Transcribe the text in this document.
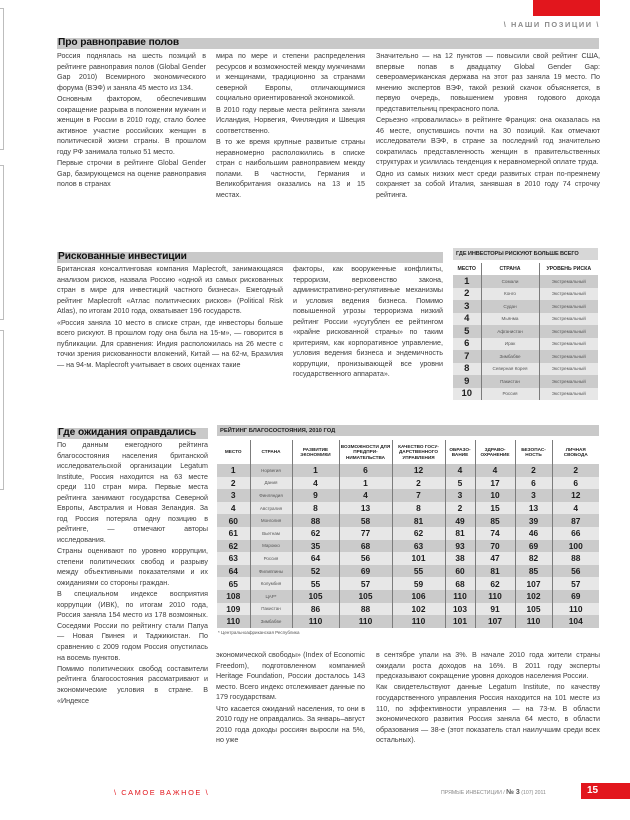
\ НАШИ ПОЗИЦИИ \
Про равноправие полов

Россия поднялась на шесть позиций в рейтинге равноправия полов (Global Gender Gap 2010) Всемирного экономического форума (ВЭФ) и заняла 45 место из 134.

Основным фактором, обеспечившим сокращение разрыва в положении мужчин и женщин в России в 2010 году, стало более активное участие российских женщин в политической жизни страны. В прошлом году РФ занимала только 51 место.

Первые строчки в рейтинге Global Gender Gap, базирующемся на оценке равноправия полов в странах

мира по мере и степени распределения ресурсов и возможностей между мужчинами и женщинами, традиционно за странами северной Европы, отличающимися социально ориентированной экономикой.

В 2010 году первые места рейтинга заняли Исландия, Норвегия, Финляндия и Швеция соответственно.

В то же время крупные развитые страны неравномерно расположились в списке стран с наибольшим равноправием между полами. В частности, Германия и Великобритания оказались на 13 и 15 местах.

Значительно — на 12 пунктов — повысили свой рейтинг США, впервые попав в двадцатку Global Gender Gap: североамериканская держава на этот раз заняла 19 место. По мнению экспертов ВЭФ, такой резкий скачок объясняется, в первую очередь, повышением уровня годового дохода представительниц прекрасного пола.

Серьезно «провалилась» в рейтинге Франция: она оказалась на 46 месте, опустившись почти на 30 позиций. Как отмечают исследователи ВЭФ, в стране за последний год значительно сократилась представленность женщин в правительственных структурах и усилилась тенденция к неравномерной оплате труда.

Одно из самых низких мест среди развитых стран по-прежнему сохраняет за собой Италия, занявшая в 2010 году 74 строчку рейтинга.

Рискованные инвестиции

Британская консалтинговая компания Maplecroft, занимающаяся анализом рисков, назвала Россию «одной из самых рискованных стран в мире для инвестиций частного бизнеса». Ежегодный рейтинг Maplecroft «Атлас политических рисков» (Political Risk Atlas), по итогам 2010 года, охватывает 196 государств.

«Россия заняла 10 место в списке стран, где инвесторы больше всего рискуют. В прошлом году она была на 15-м», — говорится в публикации. Для сравнения: Индия расположилась на 26 месте с точки зрения рискованности вложений, Китай — на 62-м, Бразилия — на 94-м. Maplecroft учитывает в своих оценках такие

факторы, как вооруженные конфликты, терроризм, верховенство закона, административно-регулятивные механизмы и условия ведения бизнеса. Помимо повышенной угрозы терроризма низкий рейтинг России «усугублен ее рейтингом «крайне рискованной страны» по таким критериям, как корпоративное управление, условия ведения бизнеса и эндемичность коррупции, пронизывающей все уровни государственного аппарата».

ГДЕ ИНВЕСТОРЫ РИСКУЮТ БОЛЬШЕ ВСЕГО
МЕСТО	СТРАНА	УРОВЕНЬ РИСКА
1	Сомали	Экстремальный
2	Конго	Экстремальный
3	Судан	Экстремальный
4	Мьянма	Экстремальный
5	Афганистан	Экстремальный
6	Ирак	Экстремальный
7	Зимбабве	Экстремальный
8	Северная Корея	Экстремальный
9	Пакистан	Экстремальный
10	Россия	Экстремальный
Где ожидания оправдались

По данным ежегодного рейтинга благосостояния населения британской исследовательской организации Legatum Institute, Россия находится на 63 месте среди 110 стран мира. Первые места рейтинга занимают государства Северной Европы, Австралия и Новая Зеландия. За год Россия потеряла одну позицию в рейтинге, — отмечают авторы исследования.

Страны оценивают по уровню коррупции, степени политических свобод и разрыву между объективными показателями и их ожиданиями со стороны граждан.

В специальном индексе восприятия коррупции (ИВК), по итогам 2010 года, Россия заняла 154 место из 178 возможных. Соседями России по рейтингу стали Папуа — Новая Гвинея и Таджикистан. По сравнению с 2009 годом Россия опустилась на восемь пунктов.

Помимо политических свобод составители рейтинга благосостояния рассматривают и экономические условия в стране. В «Индексе

РЕЙТИНГ БЛАГОСОСТОЯНИЯ, 2010 ГОД
МЕСТО	СТРАНА	РАЗВИТИЕ ЭКОНОМИКИ	ВОЗМОЖНОСТИ ДЛЯ ПРЕДПРИ-НИМАТЕЛЬСТВА	КАЧЕСТВО ГОСУ-ДАРСТВЕННОГО УПРАВЛЕНИЯ	ОБРАЗО-ВАНИЕ	ЗДРАВО-ОХРАНЕНИЕ	БЕЗОПАС-НОСТЬ	ЛИЧНАЯ СВОБОДА
1	Норвегия	1	6	12	4	4	2	2
2	Дания	4	1	2	5	17	6	6
3	Финляндия	9	4	7	3	10	3	12
4	Австралия	8	13	8	2	15	13	4
60	Монголия	88	58	81	49	85	39	87
61	Вьетнам	62	77	62	81	74	46	66
62	Марокко	35	68	63	93	70	69	100
63	Россия	64	56	101	38	47	82	88
64	Филиппины	52	69	55	60	81	85	56
65	Колумбия	55	57	59	68	62	107	57
108	ЦАР*	105	105	106	110	110	102	69
109	Пакистан	86	88	102	103	91	105	110
110	Зимбабве	110	110	110	101	107	110	104
* Центральноафриканская Республика

экономической свободы» (Index of Economic Freedom), подготовленном компанией Heritage Foundation, России досталось 143 место. Всего индекс отслеживает данные по 179 государствам.

Что касается ожиданий населения, то они в 2010 году не оправдались. За январь–август 2010 года доходы россиян выросли на 5%, но уже

в сентябре упали на 3%. В начале 2010 года жители страны ожидали роста доходов на 16%. В 2011 году эксперты предсказывают сокращение уровня доходов населения России.

Как свидетельствуют данные Legatum Institute, по качеству государственного управления Россия находится на 101 месте из 110, по эффективности управления — на 73-м. В области экономического развития Россия заняла 64 место, в области образования — 38-е (этот показатель стал наилучшим среди всех остальных).

\ САМОЕ ВАЖНОЕ \	ПРЯМЫЕ ИНВЕСТИЦИИ / № 3 (107) 2011	15
